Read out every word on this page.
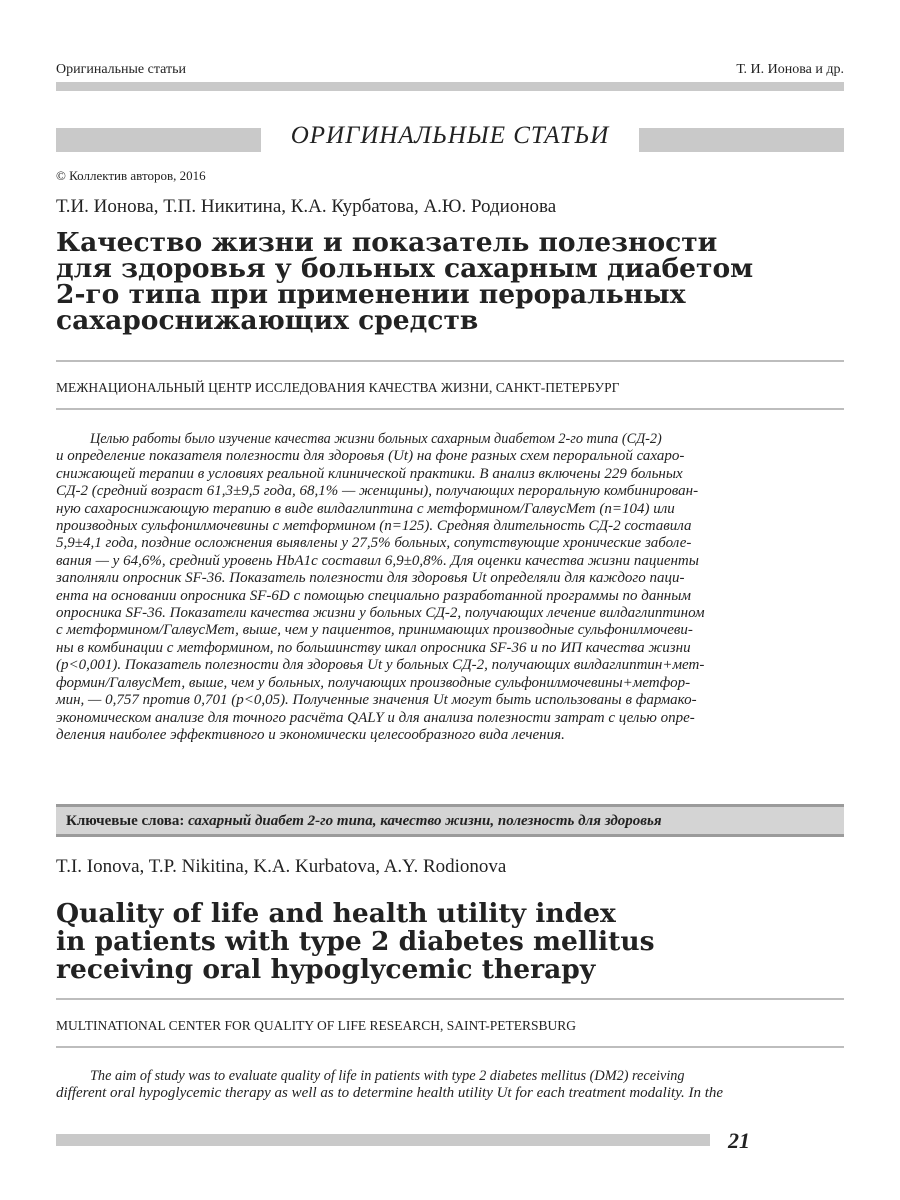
Оригинальные статьи	Т. И. Ионова и др.
ОРИГИНАЛЬНЫЕ СТАТЬИ
© Коллектив авторов, 2016
Т.И. Ионова, Т.П. Никитина, К.А. Курбатова, А.Ю. Родионова
Качество жизни и показатель полезности
для здоровья у больных сахарным диабетом
2-го типа при применении пероральных
сахароснижающих средств
МЕЖНАЦИОНАЛЬНЫЙ ЦЕНТР ИССЛЕДОВАНИЯ КАЧЕСТВА ЖИЗНИ, САНКТ-ПЕТЕРБУРГ
Целью работы было изучение качества жизни больных сахарным диабетом 2-го типа (СД-2)
и определение показателя полезности для здоровья (Ut) на фоне разных схем пероральной сахаро-
снижающей терапии в условиях реальной клинической практики. В анализ включены 229 больных
СД-2 (средний возраст 61,3±9,5 года, 68,1% — женщины), получающих пероральную комбинирован-
ную сахароснижающую терапию в виде вилдаглиптина с метформином/ГалвусМет (n=104) или
производных сульфонилмочевины с метформином (n=125). Средняя длительность СД-2 составила
5,9±4,1 года, поздние осложнения выявлены у 27,5% больных, сопутствующие хронические заболе-
вания — у 64,6%, средний уровень HbA1c составил 6,9±0,8%. Для оценки качества жизни пациенты
заполняли опросник SF-36. Показатель полезности для здоровья Ut определяли для каждого паци-
ента на основании опросника SF-6D с помощью специально разработанной программы по данным
опросника SF-36. Показатели качества жизни у больных СД-2, получающих лечение вилдаглиптином
с метформином/ГалвусМет, выше, чем у пациентов, принимающих производные сульфонилмочеви-
ны в комбинации с метформином, по большинству шкал опросника SF-36 и по ИП качества жизни
(p<0,001). Показатель полезности для здоровья Ut у больных СД-2, получающих вилдаглиптин+мет-
формин/ГалвусМет, выше, чем у больных, получающих производные сульфонилмочевины+метфор-
мин, — 0,757 против 0,701 (p<0,05). Полученные значения Ut могут быть использованы в фармако-
экономическом анализе для точного расчёта QALY и для анализа полезности затрат с целью опре-
деления наиболее эффективного и экономически целесообразного вида лечения.
Ключевые слова: сахарный диабет 2-го типа, качество жизни, полезность для здоровья
T.I. Ionova, T.P. Nikitina, K.A. Kurbatova, A.Y. Rodionova
Quality of life and health utility index
in patients with type 2 diabetes mellitus
receiving oral hypoglycemic therapy
MULTINATIONAL CENTER FOR QUALITY OF LIFE RESEARCH, SAINT-PETERSBURG
The aim of study was to evaluate quality of life in patients with type 2 diabetes mellitus (DM2) receiving
different oral hypoglycemic therapy as well as to determine health utility Ut for each treatment modality. In the
21
